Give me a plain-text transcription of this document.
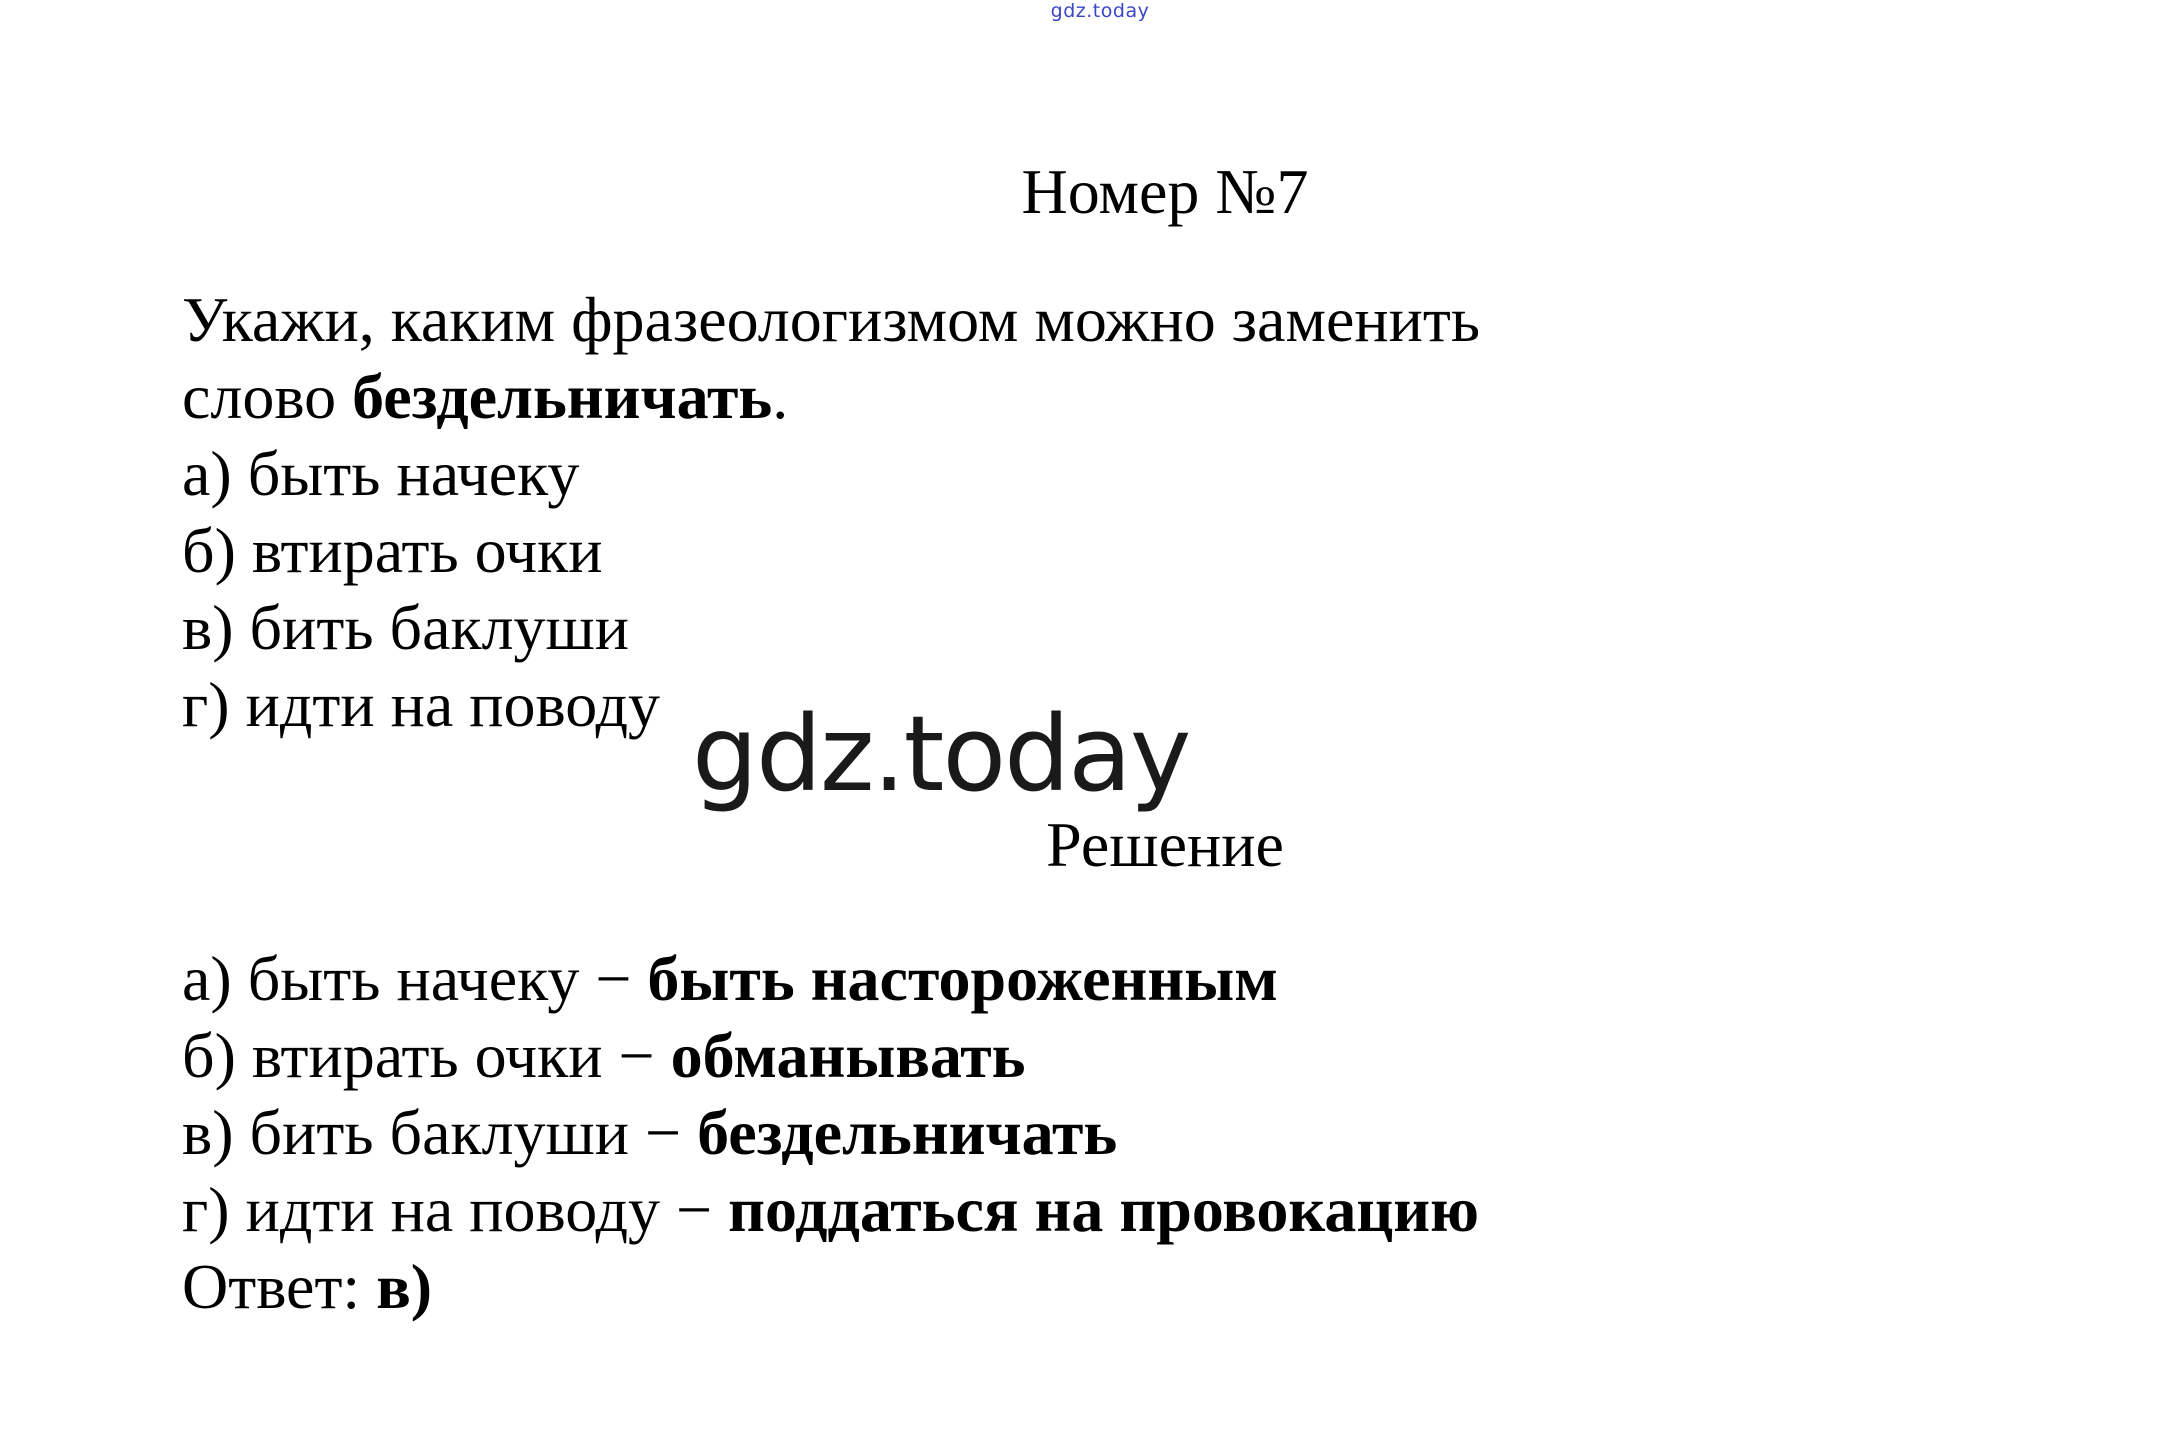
gdz.today
Номер №7
Укажи, каким фразеологизмом можно заменить
слово бездельничать.
а) быть начеку
б) втирать очки
в) бить баклуши
г) идти на поводу gdz.today
Решение
а) быть начеку − быть настороженным
б) втирать очки − обманывать
в) бить баклуши − бездельничать
г) идти на поводу − поддаться на провокацию
Ответ: в)
